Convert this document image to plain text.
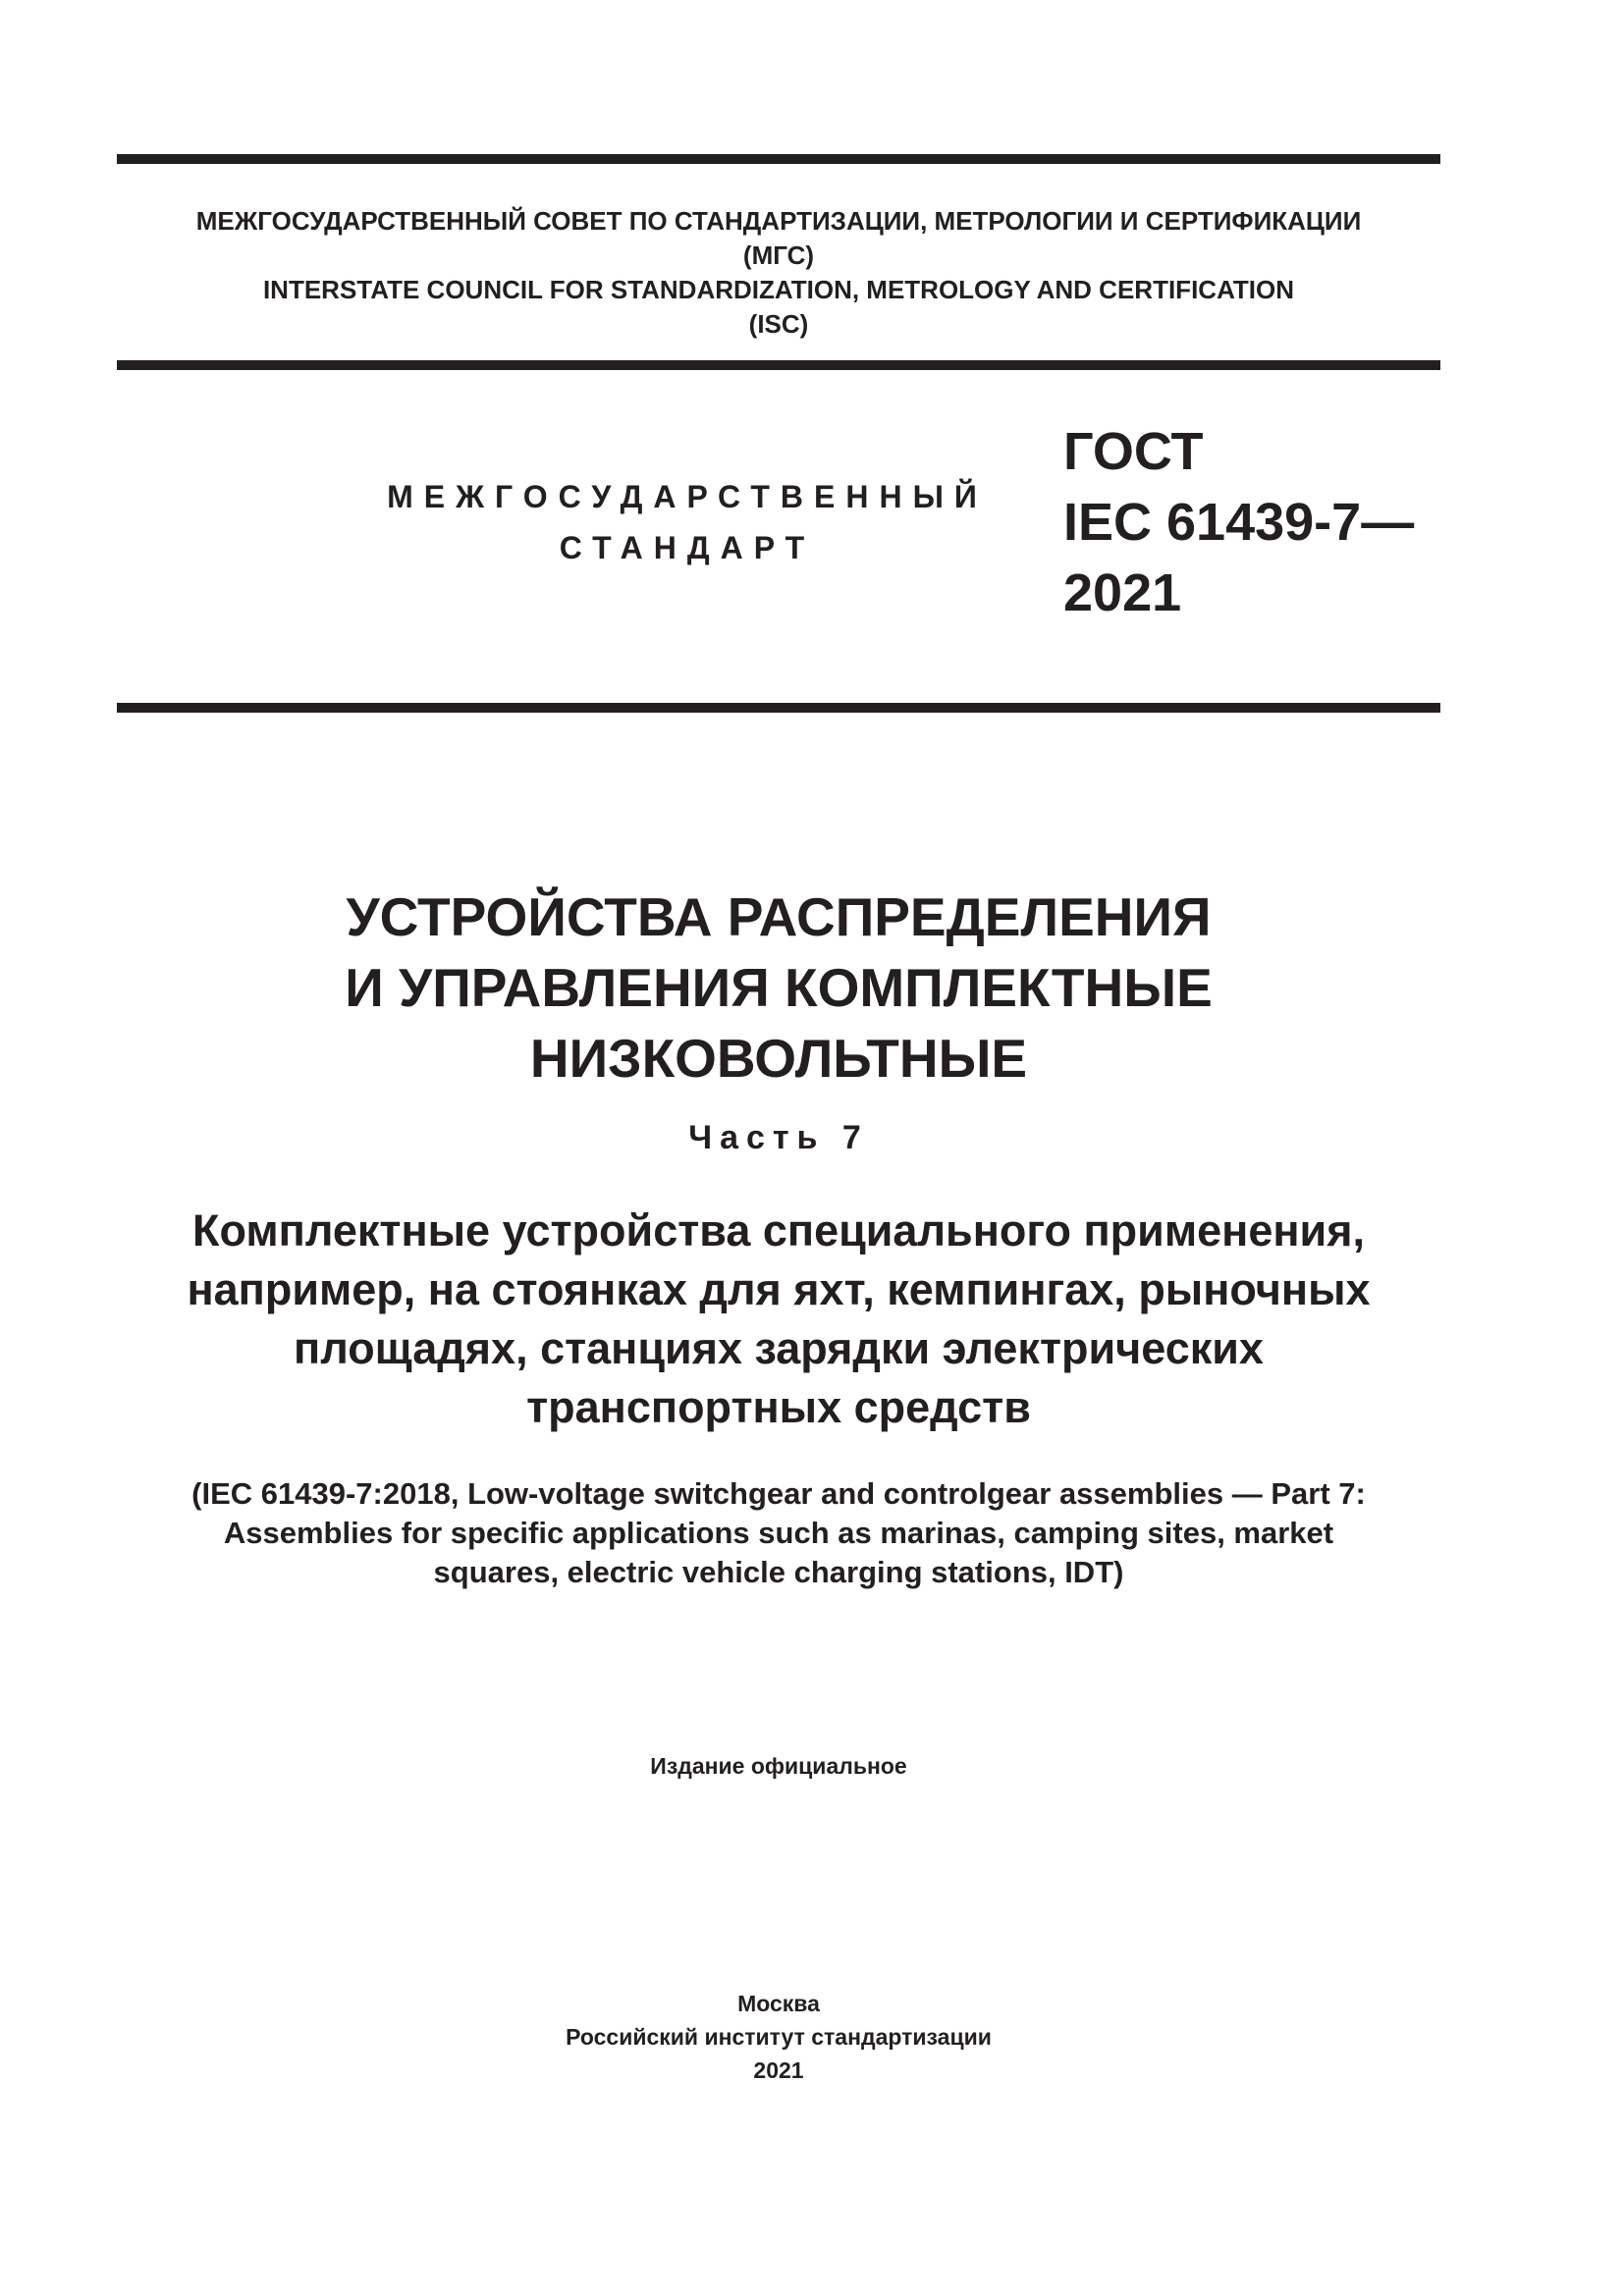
МЕЖГОСУДАРСТВЕННЫЙ СОВЕТ ПО СТАНДАРТИЗАЦИИ, МЕТРОЛОГИИ И СЕРТИФИКАЦИИ
(МГС)
INTERSTATE COUNCIL FOR STANDARDIZATION, METROLOGY AND CERTIFICATION
(ISC)
МЕЖГОСУДАРСТВЕННЫЙ
СТАНДАРТ
ГОСТ
IEC 61439-7—
2021
УСТРОЙСТВА РАСПРЕДЕЛЕНИЯ
И УПРАВЛЕНИЯ КОМПЛЕКТНЫЕ
НИЗКОВОЛЬТНЫЕ
Часть 7
Комплектные устройства специального применения,
например, на стоянках для яхт, кемпингах, рыночных
площадях, станциях зарядки электрических
транспортных средств
(IEC 61439-7:2018, Low-voltage switchgear and controlgear assemblies — Part 7:
Assemblies for specific applications such as marinas, camping sites, market
squares, electric vehicle charging stations, IDT)
Издание официальное
Москва
Российский институт стандартизации
2021
